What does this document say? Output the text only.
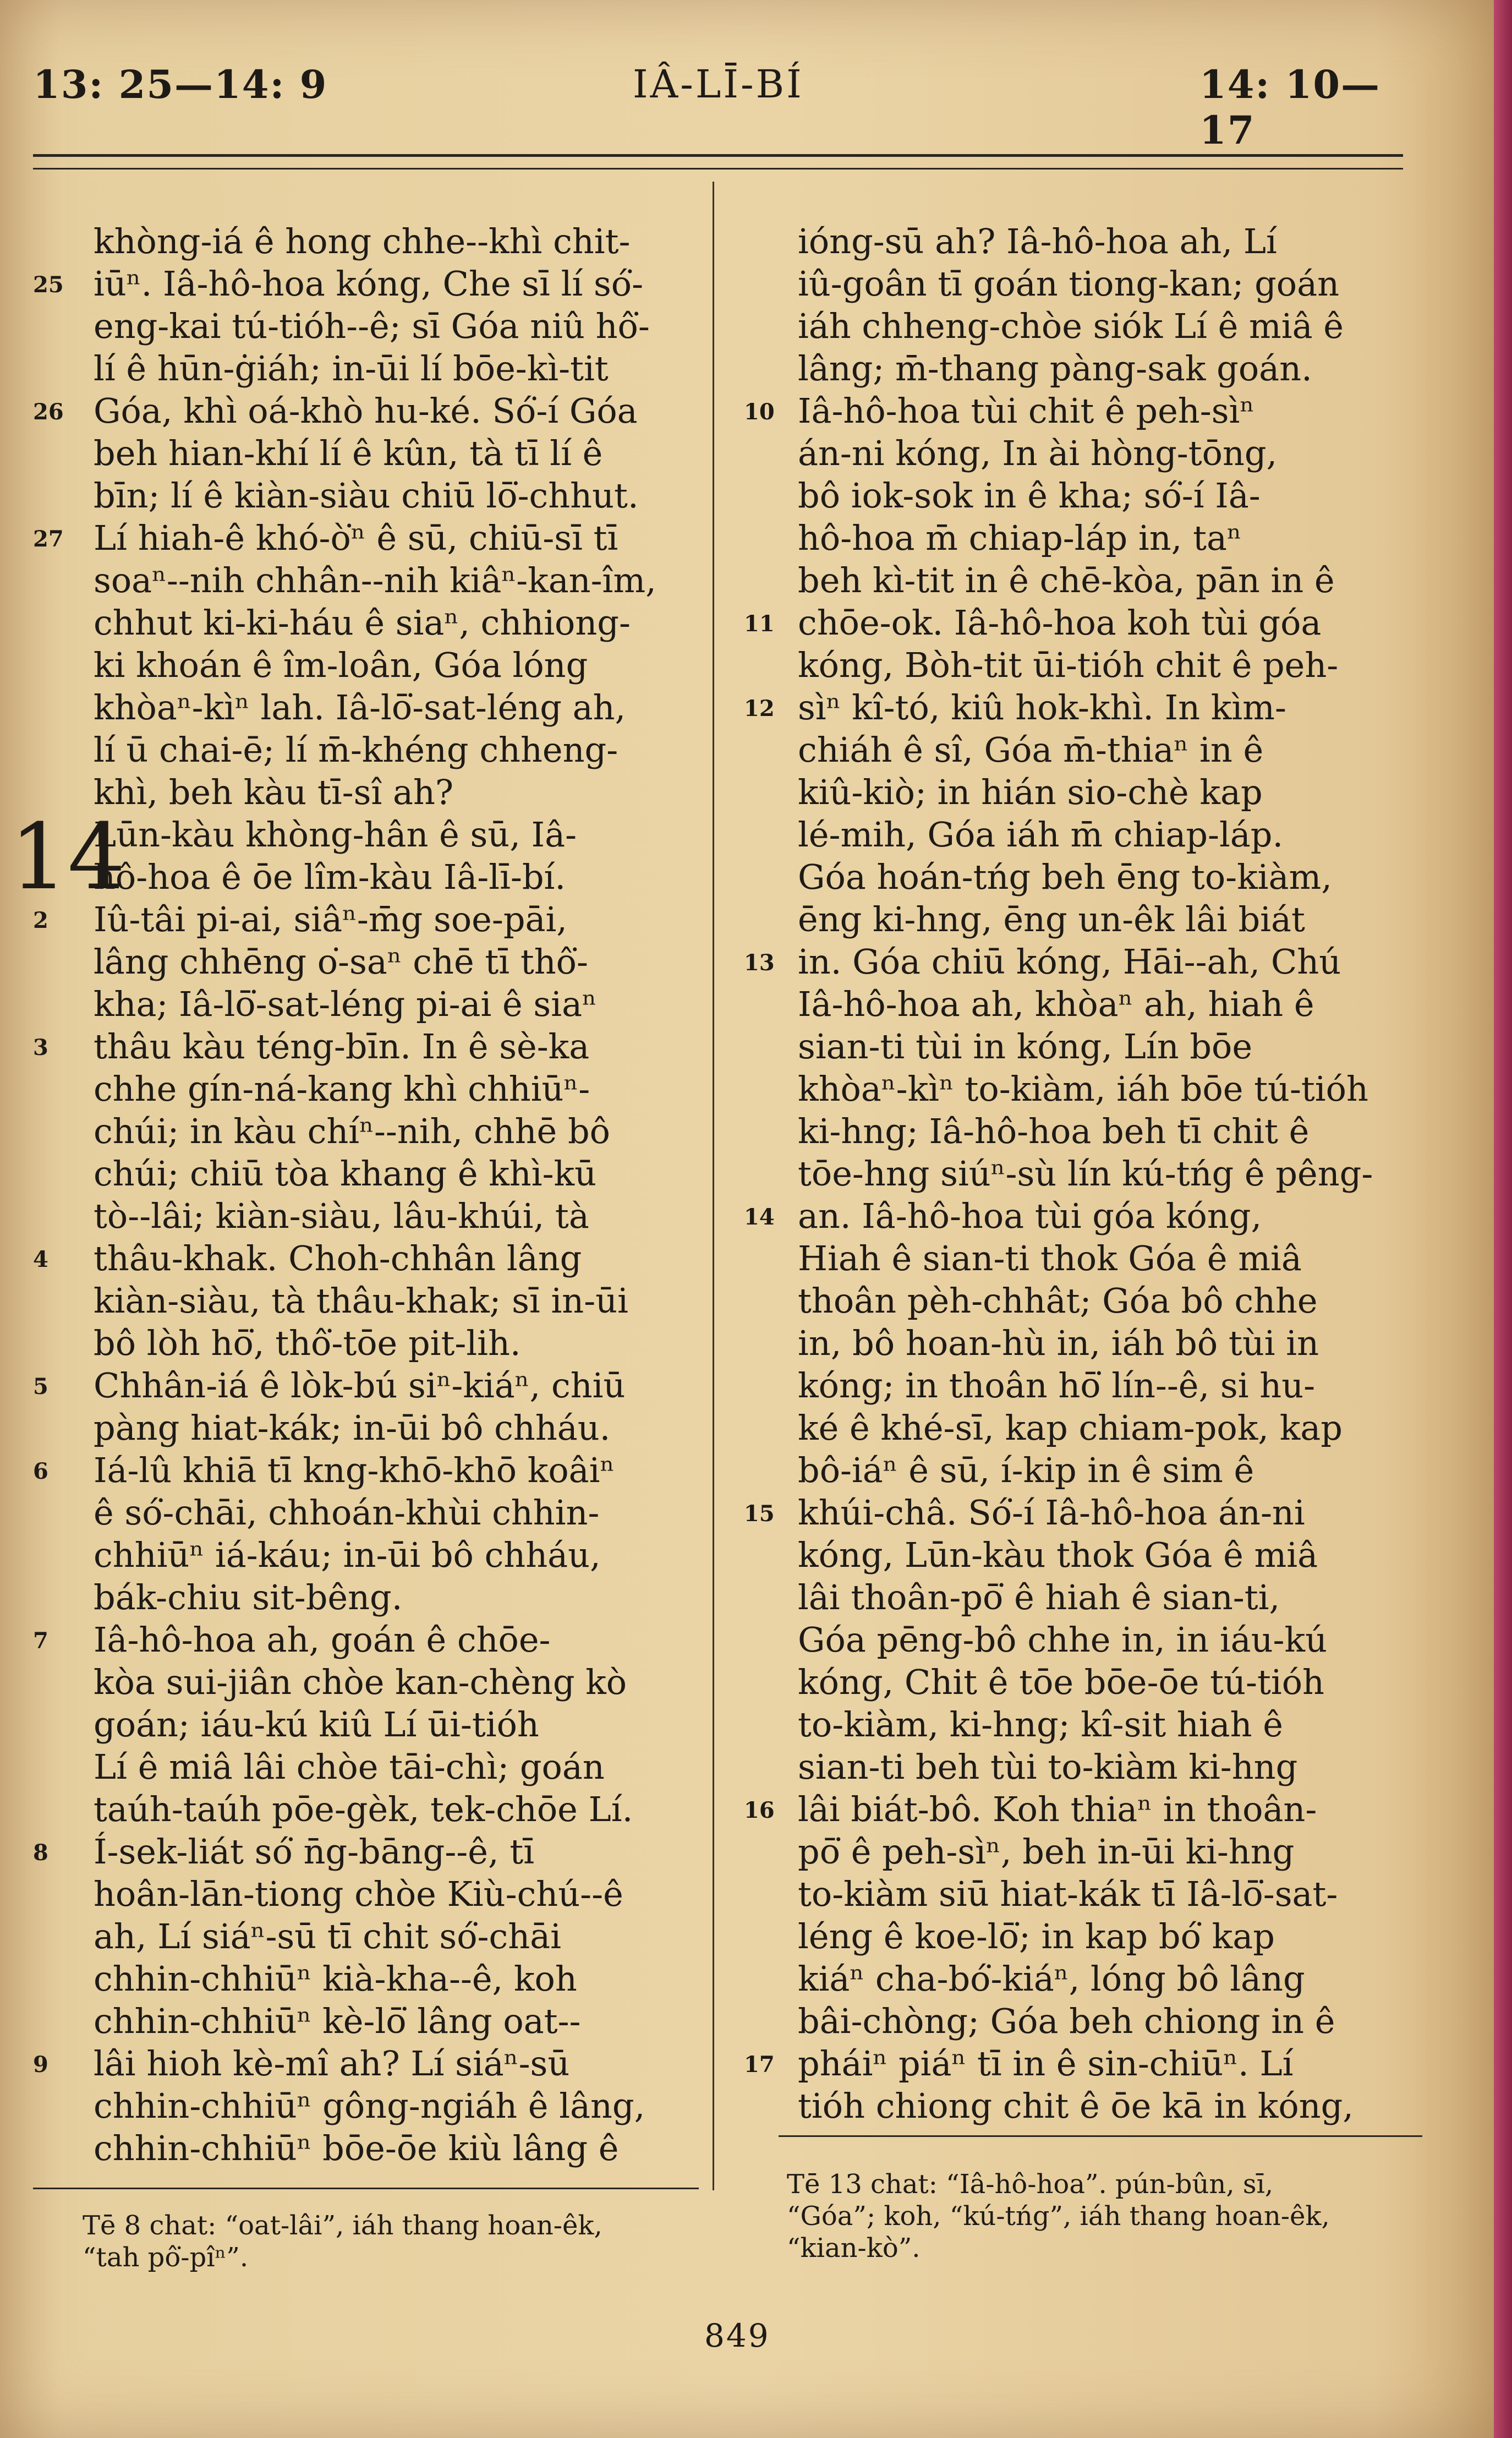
13: 25—14: 9	IÂ-LĪ-BÍ	14: 10—17
khòng-iá ê hong chhe--khì chit-
25 iūⁿ. Iâ-hô-hoa kóng, Che sī lí só͘-
eng-kai tú-tióh--ê; sī Góa niû hô͘-
lí ê hūn-ġiáh; in-ūi lí bōe-kì-tit
26 Góa, khì oá-khò hu-ké. Só͘-í Góa
beh hian-khí lí ê kûn, tà tī lí ê
bīn; lí ê kiàn-siàu chiū lō͘-chhut.
27 Lí hiah-ê khó-ò͘ⁿ ê sū, chiū-sī tī
soaⁿ--nih chhân--nih kiâⁿ-kan-îm,
chhut ki-ki-háu ê siaⁿ, chhiong-
ki khoán ê îm-loân, Góa lóng
khòaⁿ-kìⁿ lah. Iâ-lō͘-sat-léng ah,
lí ū chai-ē; lí m̄-khéng chheng-
khì, beh kàu tī-sî ah?
Lūn-kàu khòng-hân ê sū, Iâ-
hô-hoa ê ōe lîm-kàu Iâ-lī-bí.
2 Iû-tâi pi-ai, siâⁿ-m̄g soe-pāi,
lâng chhēng o͘-saⁿ chē tī thô͘-
kha; Iâ-lō͘-sat-léng pi-ai ê siaⁿ
3 thâu kàu téng-bīn. In ê sè-ka
chhe gín-ná-kang khì chhiūⁿ-
chúi; in kàu chíⁿ--nih, chhē bô
chúi; chiū tòa khang ê khì-kū
tò--lâi; kiàn-siàu, lâu-khúi, tà
4 thâu-khak. Choh-chhân lâng
kiàn-siàu, tà thâu-khak; sī in-ūi
bô lòh hō͘, thô͘-tōe pit-lih.
5 Chhân-iá ê lòk-bú siⁿ-kiáⁿ, chiū
pàng hiat-kák; in-ūi bô chháu.
6 Iá-lû khiā tī kng-khō-khō koâiⁿ
ê só͘-chāi, chhoán-khùi chhin-
chhiūⁿ iá-káu; in-ūi bô chháu,
bák-chiu sit-bêng.
7 Iâ-hô-hoa ah, goán ê chōe-
kòa sui-jiân chòe kan-chèng kò
goán; iáu-kú kiû Lí ūi-tióh
Lí ê miâ lâi chòe tāi-chì; goán
taúh-taúh pōe-gèk, tek-chōe Lí.
8 Í-sek-liát só͘ n̄g-bāng--ê, tī
hoân-lān-tiong chòe Kiù-chú--ê
ah, Lí siáⁿ-sū tī chit só͘-chāi
chhin-chhiūⁿ kià-kha--ê, koh
chhin-chhiūⁿ kè-lō͘ lâng oat--
9 lâi hioh kè-mî ah? Lí siáⁿ-sū
chhin-chhiūⁿ gông-ngiáh ê lâng,
chhin-chhiūⁿ bōe-ōe kiù lâng ê
14
ióng-sū ah? Iâ-hô-hoa ah, Lí
iû-goân tī goán tiong-kan; goán
iáh chheng-chòe siók Lí ê miâ ê
lâng; m̄-thang pàng-sak goán.
10 Iâ-hô-hoa tùi chit ê peh-sìⁿ
án-ni kóng, In ài hòng-tōng,
bô iok-sok in ê kha; só͘-í Iâ-
hô-hoa m̄ chiap-láp in, taⁿ
beh kì-tit in ê chē-kòa, pān in ê
11 chōe-ok. Iâ-hô-hoa koh tùi góa
kóng, Bòh-tit ūi-tióh chit ê peh-
12 sìⁿ kî-tó, kiû hok-khì. In kìm-
chiáh ê sî, Góa m̄-thiaⁿ in ê
kiû-kiò; in hián sio-chè kap
lé-mih, Góa iáh m̄ chiap-láp.
Góa hoán-tńg beh ēng to-kiàm,
ēng ki-hng, ēng un-êk lâi biát
13 in. Góa chiū kóng, Hāi--ah, Chú
Iâ-hô-hoa ah, khòaⁿ ah, hiah ê
sian-ti tùi in kóng, Lín bōe
khòaⁿ-kìⁿ to-kiàm, iáh bōe tú-tióh
ki-hng; Iâ-hô-hoa beh tī chit ê
tōe-hng siúⁿ-sù lín kú-tńg ê pêng-
14 an. Iâ-hô-hoa tùi góa kóng,
Hiah ê sian-ti thok Góa ê miâ
thoân pèh-chhât; Góa bô chhe
in, bô hoan-hù in, iáh bô tùi in
kóng; in thoân hō͘ lín--ê, si hu-
ké ê khé-sī, kap chiam-pok, kap
bô-iáⁿ ê sū, í-kip in ê sim ê
15 khúi-châ. Só͘-í Iâ-hô-hoa án-ni
kóng, Lūn-kàu thok Góa ê miâ
lâi thoân-pō͘ ê hiah ê sian-ti,
Góa pēng-bô chhe in, in iáu-kú
kóng, Chit ê tōe bōe-ōe tú-tióh
to-kiàm, ki-hng; kî-sit hiah ê
sian-ti beh tùi to-kiàm ki-hng
16 lâi biát-bô. Koh thiaⁿ in thoân-
pō͘ ê peh-sìⁿ, beh in-ūi ki-hng
to-kiàm siū hiat-kák tī Iâ-lō͘-sat-
léng ê koe-lō͘; in kap bó͘ kap
kiáⁿ cha-bó͘-kiáⁿ, lóng bô lâng
bâi-chòng; Góa beh chiong in ê
17 pháiⁿ piáⁿ tī in ê sin-chiūⁿ. Lí
tióh chiong chit ê ōe kā in kóng,
Tē 8 chat: “oat-lâi”, iáh thang hoan-êk,
“tah pô͘-pîⁿ”.
Tē 13 chat: “Iâ-hô-hoa”. pún-bûn, sī,
“Góa”; koh, “kú-tńg”, iáh thang hoan-êk,
“kian-kò”.
849
